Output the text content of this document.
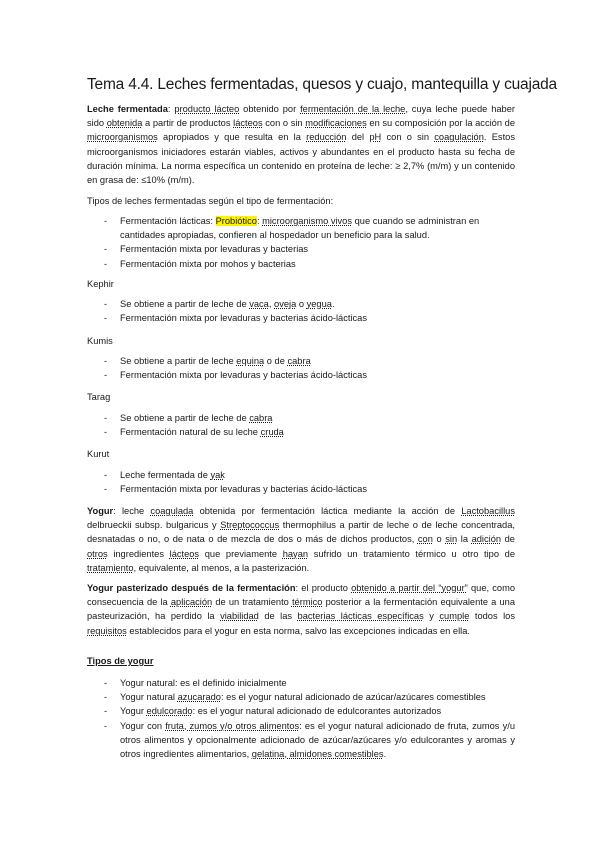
Tema 4.4. Leches fermentadas, quesos y cuajo, mantequilla y cuajada
Leche fermentada: producto lácteo obtenido por fermentación de la leche, cuya leche puede haber sido obtenida a partir de productos lácteos con o sin modificaciones en su composición por la acción de microorganismos apropiados y que resulta en la reducción del pH con o sin coagulación. Estos microorganismos iniciadores estarán viables, activos y abundantes en el producto hasta su fecha de duración mínima. La norma específica un contenido en proteína de leche: ≥ 2,7% (m/m) y un contenido en grasa de: ≤10% (m/m).
Tipos de leches fermentadas según el tipo de fermentación:
- Fermentación lácticas: Probiótico: microorganismo vivos que cuando se administran en cantidades apropiadas, confieren al hospedador un beneficio para la salud.
- Fermentación mixta por levaduras y bacterias
- Fermentación mixta por mohos y bacterias
Kephir
- Se obtiene a partir de leche de vaca, oveja o yegua.
- Fermentación mixta por levaduras y bacterias ácido-lácticas
Kumis
- Se obtiene a partir de leche equina o de cabra
- Fermentación mixta por levaduras y bacterias ácido-lácticas
Tarag
- Se obtiene a partir de leche de cabra
- Fermentación natural de su leche cruda
Kurut
- Leche fermentada de yak
- Fermentación mixta por levaduras y bacterias ácido-lácticas
Yogur: leche coagulada obtenida por fermentación láctica mediante la acción de Lactobacillus delbrueckii subsp. bulgaricus y Streptococcus thermophilus a partir de leche o de leche concentrada, desnatadas o no, o de nata o de mezcla de dos o más de dichos productos, con o sin la adición de otros ingredientes lácteos que previamente hayan sufrido un tratamiento térmico u otro tipo de tratamiento, equivalente, al menos, a la pasterización.
Yogur pasterizado después de la fermentación: el producto obtenido a partir del “yogur” que, como consecuencia de la aplicación de un tratamiento térmico posterior a la fermentación equivalente a una pasteurización, ha perdido la viabilidad de las bacterias lácticas específicas y cumple todos los requisitos establecidos para el yogur en esta norma, salvo las excepciones indicadas en ella.
Tipos de yogur
- Yogur natural: es el definido inicialmente
- Yogur natural azucarado: es el yogur natural adicionado de azúcar/azúcares comestibles
- Yogur edulcorado: es el yogur natural adicionado de edulcorantes autorizados
- Yogur con fruta, zumos y/o otros alimentos: es el yogur natural adicionado de fruta, zumos y/u otros alimentos y opcionalmente adicionado de azúcar/azúcares y/o edulcorantes y aromas y otros ingredientes alimentarios, gelatina, almidones comestibles.
